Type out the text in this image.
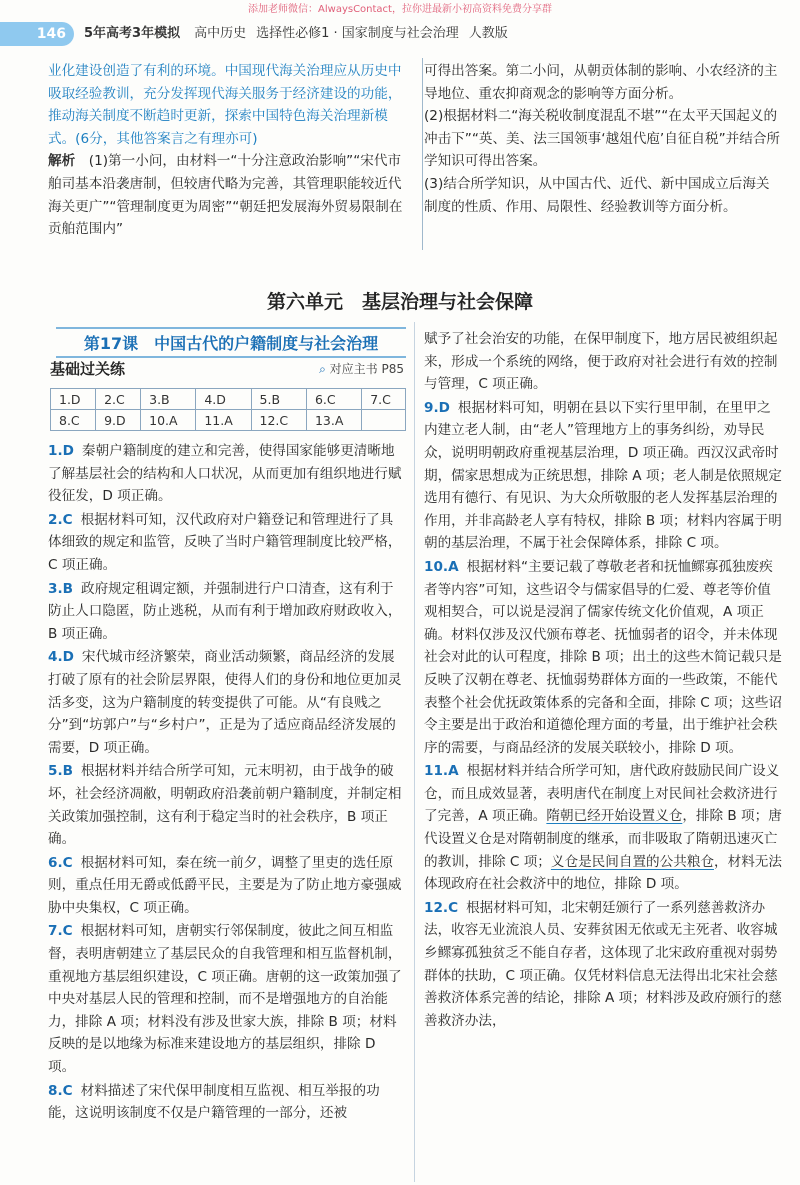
添加老师微信：AlwaysContact，拉你进最新小初高资料免费分享群
146	5年高考3年模拟 高中历史 选择性必修1 · 国家制度与社会治理 人教版

业化建设创造了有利的环境。中国现代海关治理应从历史中吸取经验教训，充分发挥现代海关服务于经济建设的功能，推动海关制度不断趋时更新，探索中国特色海关治理新模式。(6分，其他答案言之有理亦可)

解析　 (1)第一小问，由材料一“十分注意政治影响”“宋代市舶司基本沿袭唐制，但较唐代略为完善，其管理职能较近代海关更广”“管理制度更为周密”“朝廷把发展海外贸易限制在贡舶范围内”

可得出答案。第二小问，从朝贡体制的影响、小农经济的主导地位、重农抑商观念的影响等方面分析。

(2)根据材料二“海关税收制度混乱不堪”“在太平天国起义的冲击下”“英、美、法三国领事‘越俎代庖’自征自税”并结合所学知识可得出答案。

(3)结合所学知识，从中国古代、近代、新中国成立后海关制度的性质、作用、局限性、经验教训等方面分析。

第六单元　基层治理与社会保障
第17课　中国古代的户籍制度与社会治理
基础过关练	⌕ 对应主书 P85
1.D	2.C	3.B	4.D	5.B	6.C	7.C
8.C	9.D	10.A	11.A	12.C	13.A	

1.D 秦朝户籍制度的建立和完善，使得国家能够更清晰地了解基层社会的结构和人口状况，从而更加有组织地进行赋役征发，D 项正确。

2.C 根据材料可知，汉代政府对户籍登记和管理进行了具体细致的规定和监管，反映了当时户籍管理制度比较严格，C 项正确。

3.B 政府规定租调定额，并强制进行户口清查，这有利于防止人口隐匿，防止逃税，从而有利于增加政府财政收入，B 项正确。

4.D 宋代城市经济繁荣，商业活动频繁，商品经济的发展打破了原有的社会阶层界限，使得人们的身份和地位更加灵活多变，这为户籍制度的转变提供了可能。从“有良贱之分”到“坊郭户”与“乡村户”，正是为了适应商品经济发展的需要，D 项正确。

5.B 根据材料并结合所学可知，元末明初，由于战争的破坏，社会经济凋敝，明朝政府沿袭前朝户籍制度，并制定相关政策加强控制，这有利于稳定当时的社会秩序，B 项正确。

6.C 根据材料可知，秦在统一前夕，调整了里吏的选任原则，重点任用无爵或低爵平民，主要是为了防止地方豪强威胁中央集权，C 项正确。

7.C 根据材料可知，唐朝实行邻保制度，彼此之间互相监督，表明唐朝建立了基层民众的自我管理和相互监督机制，重视地方基层组织建设，C 项正确。唐朝的这一政策加强了中央对基层人民的管理和控制，而不是增强地方的自治能力，排除 A 项；材料没有涉及世家大族，排除 B 项；材料反映的是以地缘为标准来建设地方的基层组织，排除 D 项。

8.C 材料描述了宋代保甲制度相互监视、相互举报的功能，这说明该制度不仅是户籍管理的一部分，还被

赋予了社会治安的功能，在保甲制度下，地方居民被组织起来，形成一个系统的网络，便于政府对社会进行有效的控制与管理，C 项正确。

9.D 根据材料可知，明朝在县以下实行里甲制，在里甲之内建立老人制，由“老人”管理地方上的事务纠纷，劝导民众，说明明朝政府重视基层治理，D 项正确。西汉汉武帝时期，儒家思想成为正统思想，排除 A 项；老人制是依照规定选用有德行、有见识、为大众所敬服的老人发挥基层治理的作用，并非高龄老人享有特权，排除 B 项；材料内容属于明朝的基层治理，不属于社会保障体系，排除 C 项。

10.A 根据材料“主要记载了尊敬老者和抚恤鳏寡孤独废疾者等内容”可知，这些诏令与儒家倡导的仁爱、尊老等价值观相契合，可以说是浸润了儒家传统文化价值观，A 项正确。材料仅涉及汉代颁布尊老、抚恤弱者的诏令，并未体现社会对此的认可程度，排除 B 项；出土的这些木简记载只是反映了汉朝在尊老、抚恤弱势群体方面的一些政策，不能代表整个社会优抚政策体系的完备和全面，排除 C 项；这些诏令主要是出于政治和道德伦理方面的考量，出于维护社会秩序的需要，与商品经济的发展关联较小，排除 D 项。

11.A 根据材料并结合所学可知，唐代政府鼓励民间广设义仓，而且成效显著，表明唐代在制度上对民间社会救济进行了完善，A 项正确。隋朝已经开始设置义仓，排除 B 项；唐代设置义仓是对隋朝制度的继承，而非吸取了隋朝迅速灭亡的教训，排除 C 项；义仓是民间自置的公共粮仓，材料无法体现政府在社会救济中的地位，排除 D 项。

12.C 根据材料可知，北宋朝廷颁行了一系列慈善救济办法，收容无业流浪人员、安葬贫困无依或无主死者、收容城乡鳏寡孤独贫乏不能自存者，这体现了北宋政府重视对弱势群体的扶助，C 项正确。仅凭材料信息无法得出北宋社会慈善救济体系完善的结论，排除 A 项；材料涉及政府颁行的慈善救济办法，
